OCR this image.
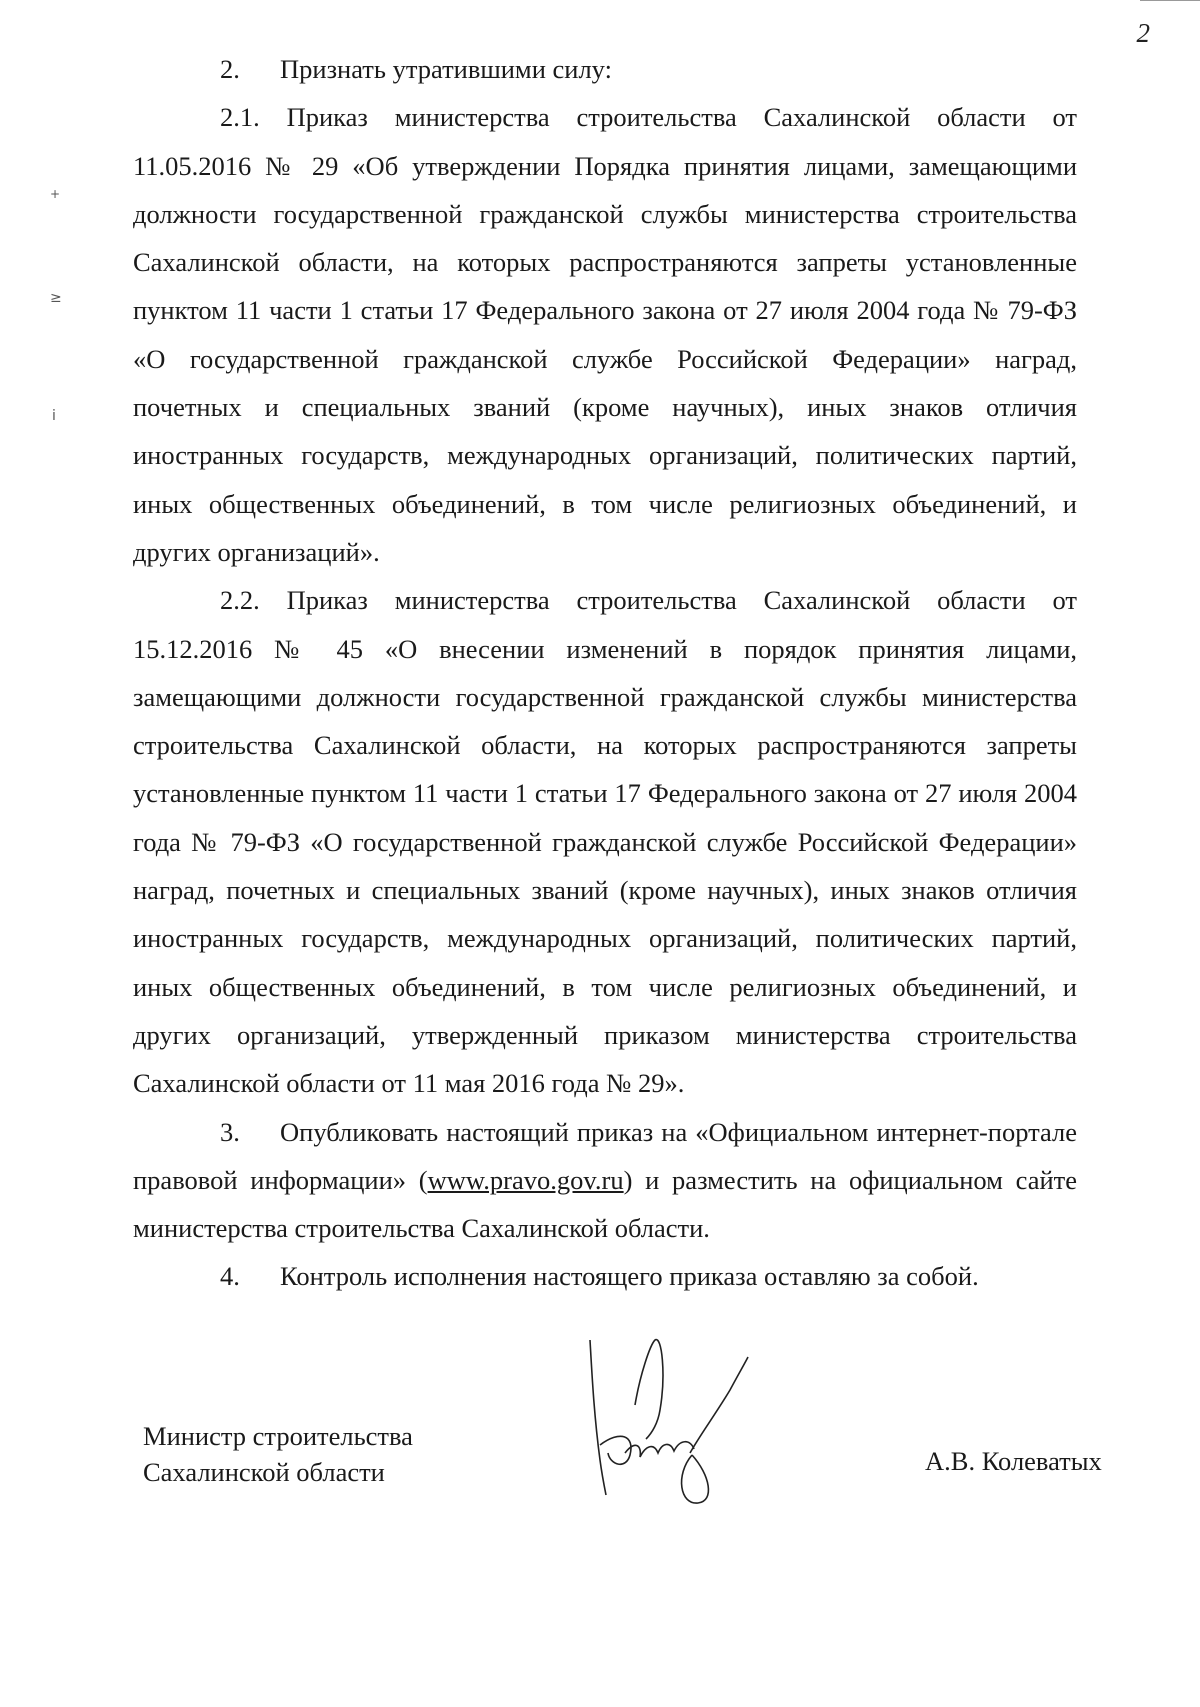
2
+
≥
ⅰ

2. Признать утратившими силу:

2.1. Приказ министерства строительства Сахалинской области от 11.05.2016 № 29 «Об утверждении Порядка принятия лицами, замещающими должности государственной гражданской службы министерства строительства Сахалинской области, на которых распространяются запреты установленные пунктом 11 части 1 статьи 17 Федерального закона от 27 июля 2004 года № 79-ФЗ «О государственной гражданской службе Российской Федерации» наград, почетных и специальных званий (кроме научных), иных знаков отличия иностранных государств, международных организаций, политических партий, иных общественных объединений, в том числе религиозных объединений, и других организаций».

2.2. Приказ министерства строительства Сахалинской области от 15.12.2016 № 45 «О внесении изменений в порядок принятия лицами, замещающими должности государственной гражданской службы министерства строительства Сахалинской области, на которых распространяются запреты установленные пунктом 11 части 1 статьи 17 Федерального закона от 27 июля 2004 года № 79-ФЗ «О государственной гражданской службе Российской Федерации» наград, почетных и специальных званий (кроме научных), иных знаков отличия иностранных государств, международных организаций, политических партий, иных общественных объединений, в том числе религиозных объединений, и других организаций, утвержденный приказом министерства строительства Сахалинской области от 11 мая 2016 года № 29».

3. Опубликовать настоящий приказ на «Официальном интернет-портале правовой информации» (www.pravo.gov.ru) и разместить на официальном сайте министерства строительства Сахалинской области.

4. Контроль исполнения настоящего приказа оставляю за собой.

Министр строительства
Сахалинской области	А.В. Колеватых
